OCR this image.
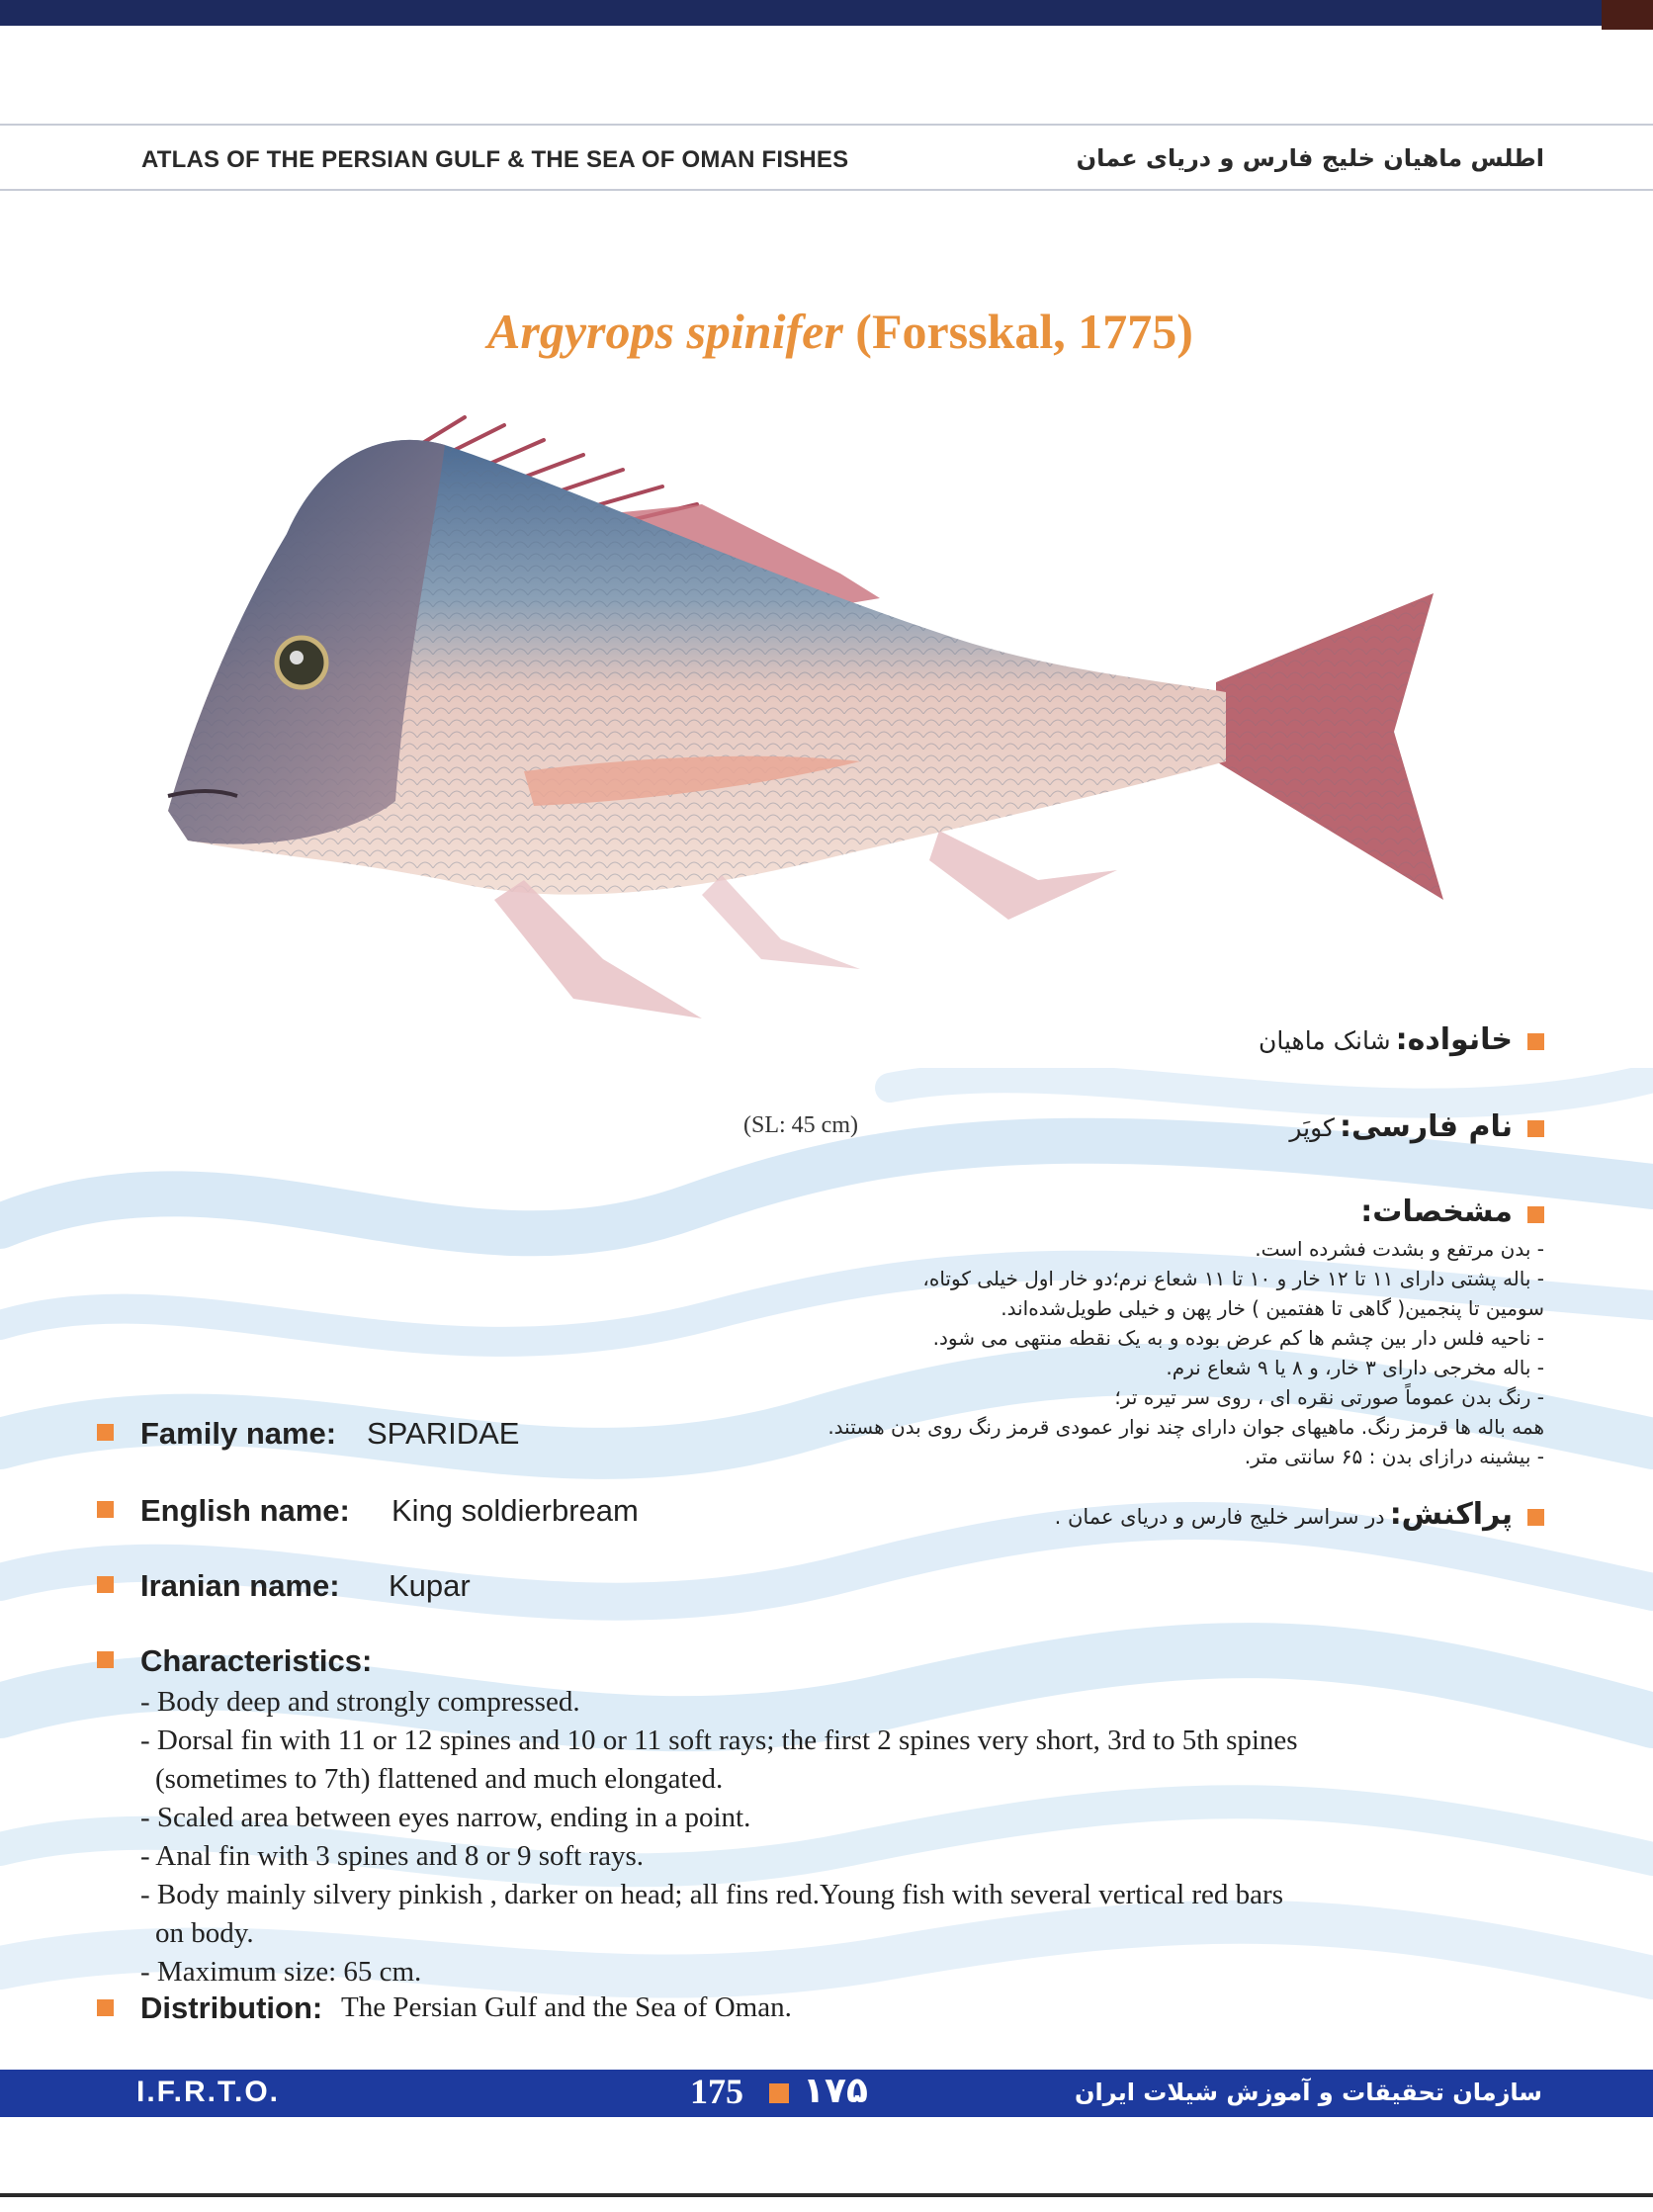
ATLAS OF THE PERSIAN GULF & THE SEA OF OMAN FISHES	اطلس ماهیان خلیج فارس و دریای عمان
Argyrops spinifer (Forsskal, 1775)
(SL: 45 cm)
خانواده: شانک ماهیان
نام فارسی: کوپَر
مشخصات:
- بدن مرتفع و بشدت فشرده است.
- باله پشتی دارای ۱۱ تا ۱۲ خار و ۱۰ تا ۱۱ شعاع نرم؛دو خار اول خیلی کوتاه،
سومین تا پنجمین( گاهی تا هفتمین ) خار پهن و خیلی طویل‌شده‌اند.
- ناحیه فلس دار بین چشم ها کم عرض بوده و به یک نقطه منتهی می شود.
- باله مخرجی دارای ۳ خار، و ۸ یا ۹ شعاع نرم.
- رنگ بدن عموماً صورتی نقره ای ، روی سر تیره تر؛
همه باله ها قرمز رنگ. ماهیهای جوان دارای چند نوار عمودی قرمز رنگ روی بدن هستند.
- بیشینه درازای بدن : ۶۵ سانتی متر.
پراکنش: در سراسر خلیج فارس و دریای عمان .
Family name: SPARIDAE
English name: King soldierbream
Iranian name: Kupar
Characteristics:
- Body deep and strongly compressed.
- Dorsal fin with 11 or 12 spines and 10 or 11 soft rays; the first 2 spines very short, 3rd to 5th spines
(sometimes to 7th) flattened and much elongated.
- Scaled area between eyes narrow, ending in a point.
- Anal fin with 3 spines and 8 or 9 soft rays.
- Body mainly silvery pinkish , darker on head; all fins red.Young fish with several vertical red bars
on body.
- Maximum size: 65 cm.
Distribution: The Persian Gulf and the Sea of Oman.
I.F.R.T.O.	175 ۱۷۵	سازمان تحقیقات و آموزش شیلات ایران
